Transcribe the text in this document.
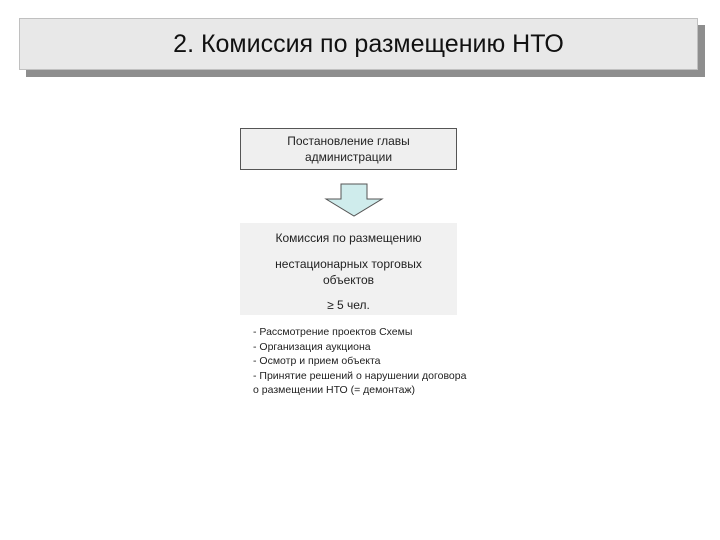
2. Комиссия по размещению НТО
Постановление главы
администрации
Комиссия по размещению
нестационарных торговых
объектов
≥ 5 чел.
- Рассмотрение проектов Схемы
- Организация аукциона
- Осмотр и прием объекта
- Принятие решений о нарушении договора
о размещении НТО (= демонтаж)
